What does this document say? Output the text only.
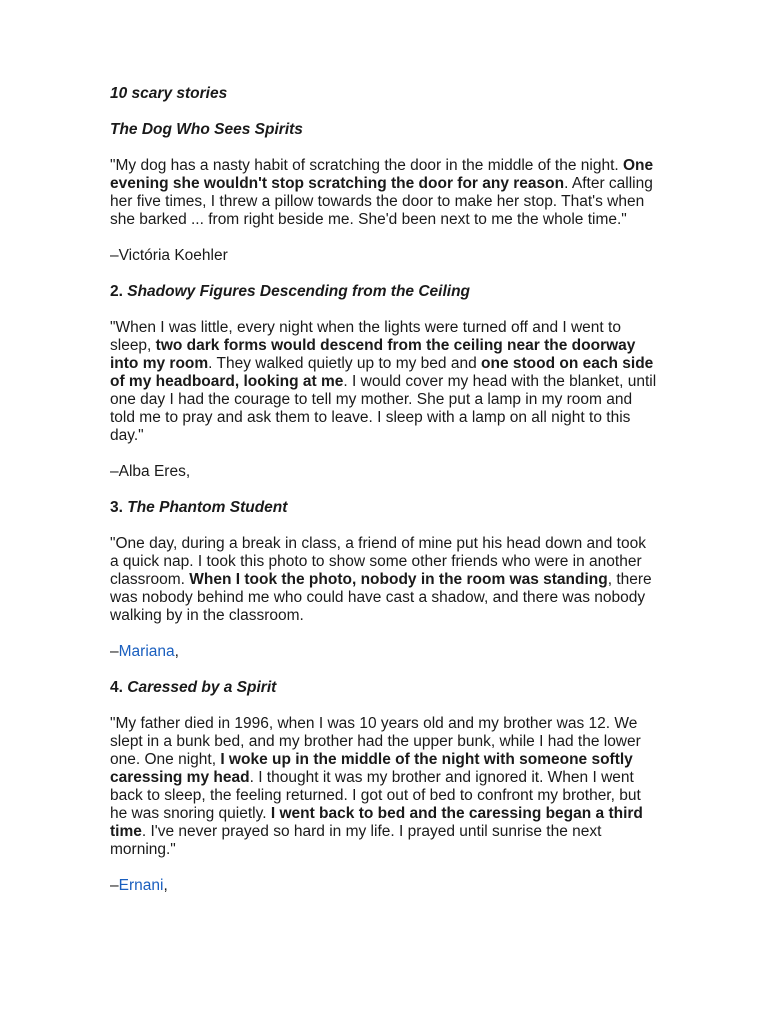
10 scary stories

The Dog Who Sees Spirits

"My dog has a nasty habit of scratching the door in the middle of the night. One evening she wouldn't stop scratching the door for any reason. After calling her five times, I threw a pillow towards the door to make her stop. That's when she barked ... from right beside me. She'd been next to me the whole time."

–Victória Koehler

2. Shadowy Figures Descending from the Ceiling

"When I was little, every night when the lights were turned off and I went to sleep, two dark forms would descend from the ceiling near the doorway into my room. They walked quietly up to my bed and one stood on each side of my headboard, looking at me. I would cover my head with the blanket, until one day I had the courage to tell my mother. She put a lamp in my room and told me to pray and ask them to leave. I sleep with a lamp on all night to this day."

–Alba Eres,

3. The Phantom Student

"One day, during a break in class, a friend of mine put his head down and took a quick nap. I took this photo to show some other friends who were in another classroom. When I took the photo, nobody in the room was standing, there was nobody behind me who could have cast a shadow, and there was nobody walking by in the classroom.

–Mariana,

4. Caressed by a Spirit

"My father died in 1996, when I was 10 years old and my brother was 12. We slept in a bunk bed, and my brother had the upper bunk, while I had the lower one. One night, I woke up in the middle of the night with someone softly caressing my head. I thought it was my brother and ignored it. When I went back to sleep, the feeling returned. I got out of bed to confront my brother, but he was snoring quietly. I went back to bed and the caressing began a third time. I've never prayed so hard in my life. I prayed until sunrise the next morning."

–Ernani,
